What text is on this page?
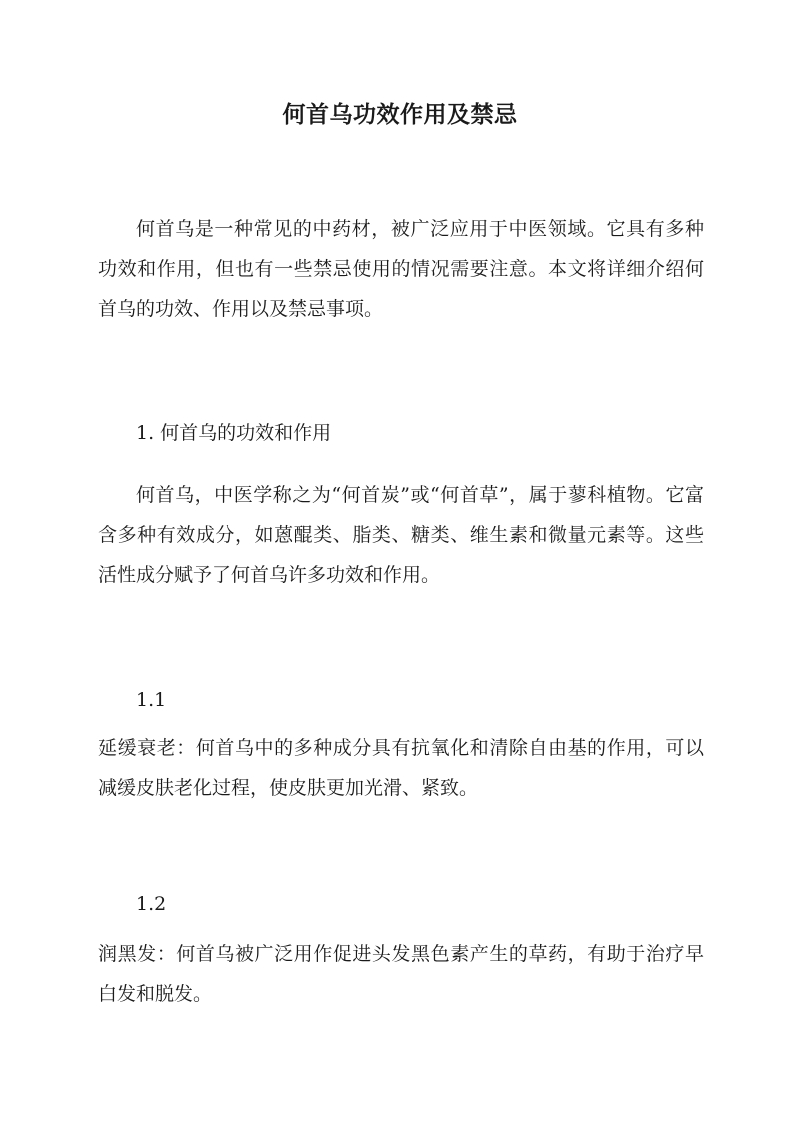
何首乌功效作用及禁忌

何首乌是一种常见的中药材，被广泛应用于中医领域。它具有多种功效和作用，但也有一些禁忌使用的情况需要注意。本文将详细介绍何首乌的功效、作用以及禁忌事项。

1. 何首乌的功效和作用

何首乌，中医学称之为“何首炭”或“何首草”，属于蓼科植物。它富含多种有效成分，如蒽醌类、脂类、糖类、维生素和微量元素等。这些活性成分赋予了何首乌许多功效和作用。

1.1

延缓衰老：何首乌中的多种成分具有抗氧化和清除自由基的作用，可以减缓皮肤老化过程，使皮肤更加光滑、紧致。

1.2

润黑发：何首乌被广泛用作促进头发黑色素产生的草药，有助于治疗早白发和脱发。
